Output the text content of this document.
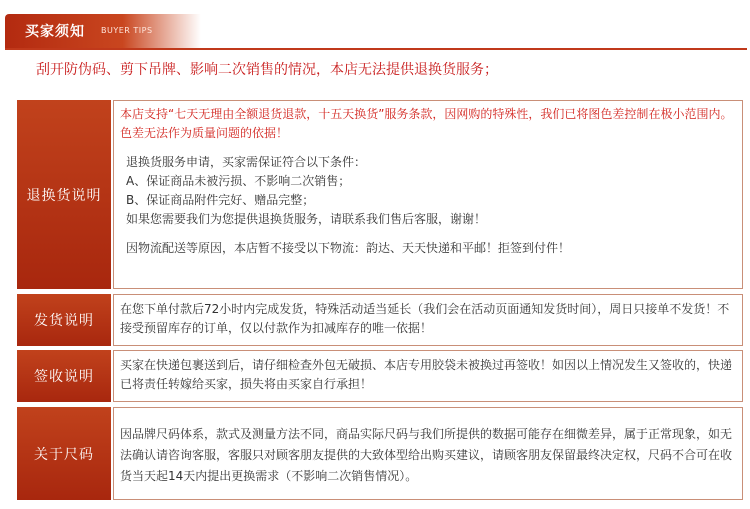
买家须知 BUYER TIPS
刮开防伪码、剪下吊牌、影响二次销售的情况，本店无法提供退换货服务；
退换货说明

本店支持“七天无理由全额退货退款，十五天换货”服务条款，因网购的特殊性，我们已将图色差控制在极小范围内。色差无法作为质量问题的依据！

退换货服务申请，买家需保证符合以下条件：

A、保证商品未被污损、不影响二次销售；

B、保证商品附件完好、赠品完整；

如果您需要我们为您提供退换货服务，请联系我们售后客服，谢谢！

因物流配送等原因，本店暂不接受以下物流：韵达、天天快递和平邮！拒签到付件！

发货说明

在您下单付款后72小时内完成发货，特殊活动适当延长（我们会在活动页面通知发货时间），周日只接单不发货！不接受预留库存的订单，仅以付款作为扣减库存的唯一依据！

签收说明

买家在快递包裹送到后，请仔细检查外包无破损、本店专用胶袋未被换过再签收！如因以上情况发生又签收的，快递已将责任转嫁给买家，损失将由买家自行承担！

关于尺码

因品牌尺码体系，款式及测量方法不同，商品实际尺码与我们所提供的数据可能存在细微差异，属于正常现象，如无法确认请咨询客服，客服只对顾客朋友提供的大致体型给出购买建议，请顾客朋友保留最终决定权，尺码不合可在收货当天起14天内提出更换需求（不影响二次销售情况）。
